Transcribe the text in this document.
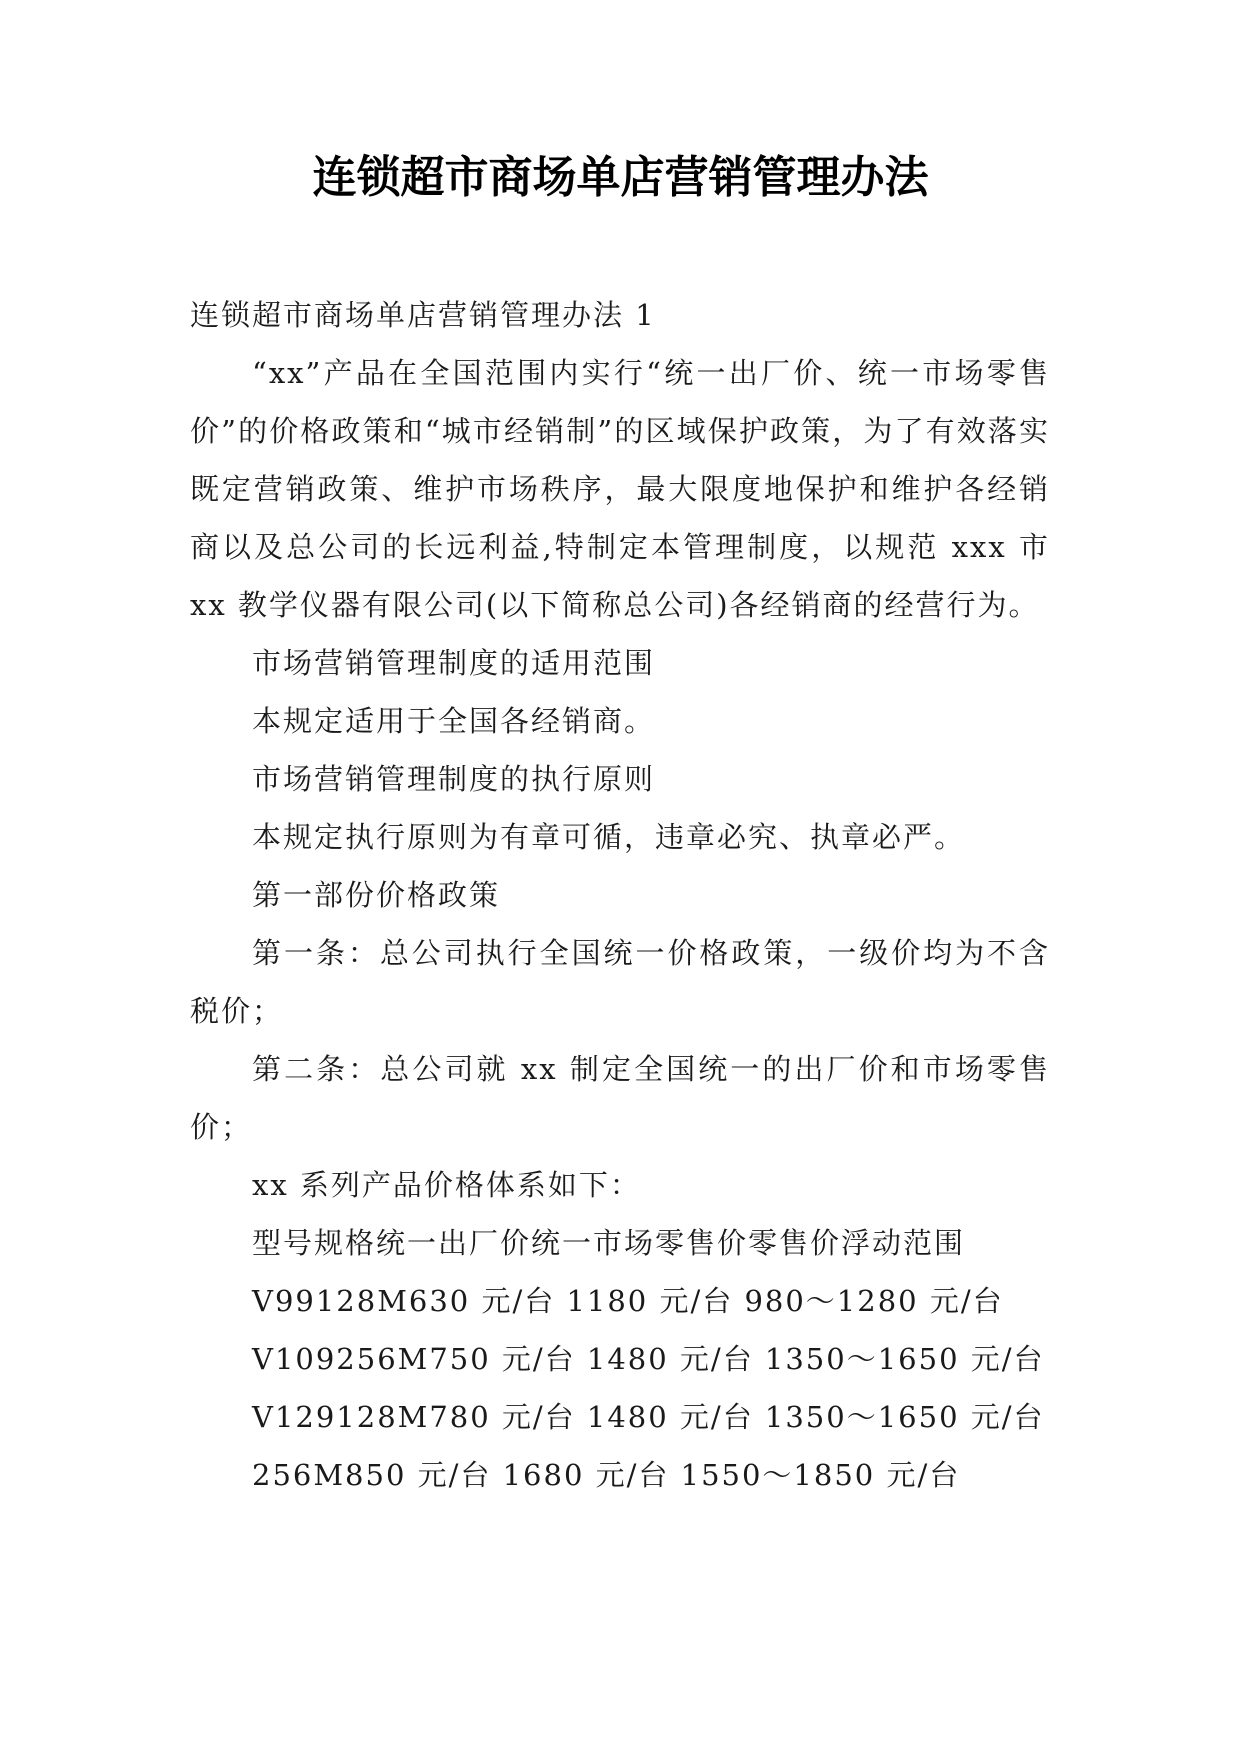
连锁超市商场单店营销管理办法

连锁超市商场单店营销管理办法 1

“xx”产品在全国范围内实行“统一出厂价、统一市场零售价”的价格政策和“城市经销制”的区域保护政策，为了有效落实既定营销政策、维护市场秩序，最大限度地保护和维护各经销商以及总公司的长远利益,特制定本管理制度，以规范 xxx 市 xx 教学仪器有限公司(以下简称总公司)各经销商的经营行为。

市场营销管理制度的适用范围

本规定适用于全国各经销商。

市场营销管理制度的执行原则

本规定执行原则为有章可循，违章必究、执章必严。

第一部份价格政策

第一条：总公司执行全国统一价格政策，一级价均为不含税价；

第二条：总公司就 xx 制定全国统一的出厂价和市场零售价；

xx 系列产品价格体系如下：

型号规格统一出厂价统一市场零售价零售价浮动范围

V99128M630 元/台 1180 元/台 980～1280 元/台

V109256M750 元/台 1480 元/台 1350～1650 元/台

V129128M780 元/台 1480 元/台 1350～1650 元/台

256M850 元/台 1680 元/台 1550～1850 元/台
